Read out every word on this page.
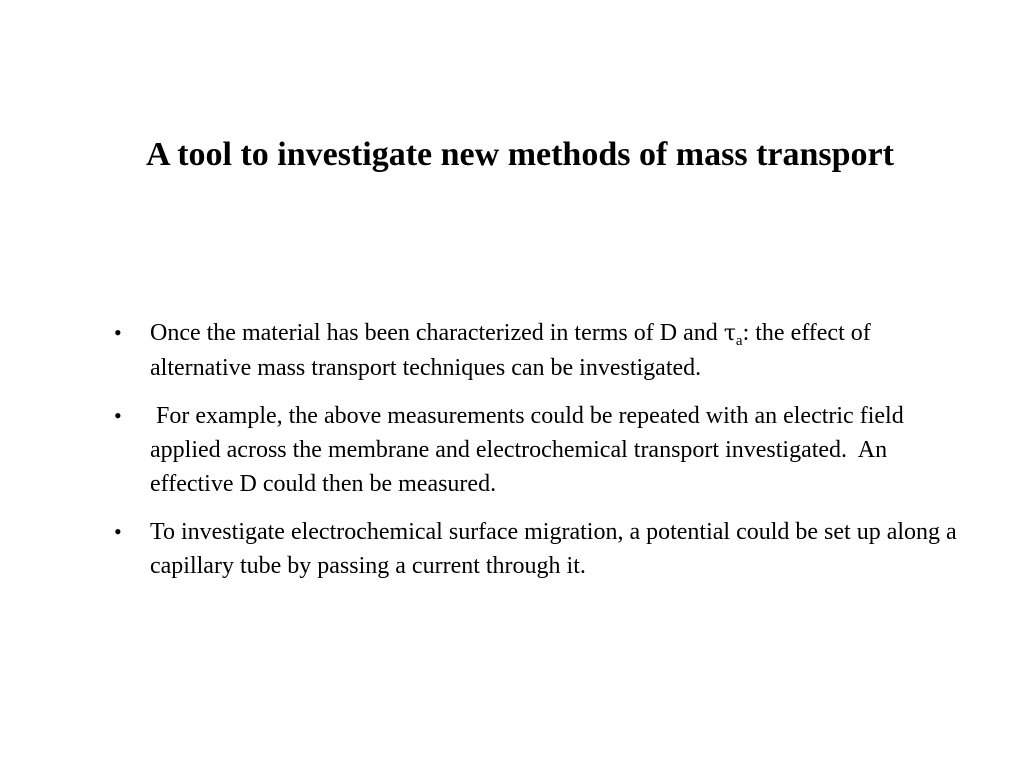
A tool to investigate new methods of mass transport
• Once the material has been characterized in terms of D and $\tau_a$: the effect of alternative mass transport techniques can be investigated.
• For example, the above measurements could be repeated with an electric field applied across the membrane and electrochemical transport investigated.  An effective D could then be measured.
• To investigate electrochemical surface migration, a potential could be set up along a capillary tube by passing a current through it.
